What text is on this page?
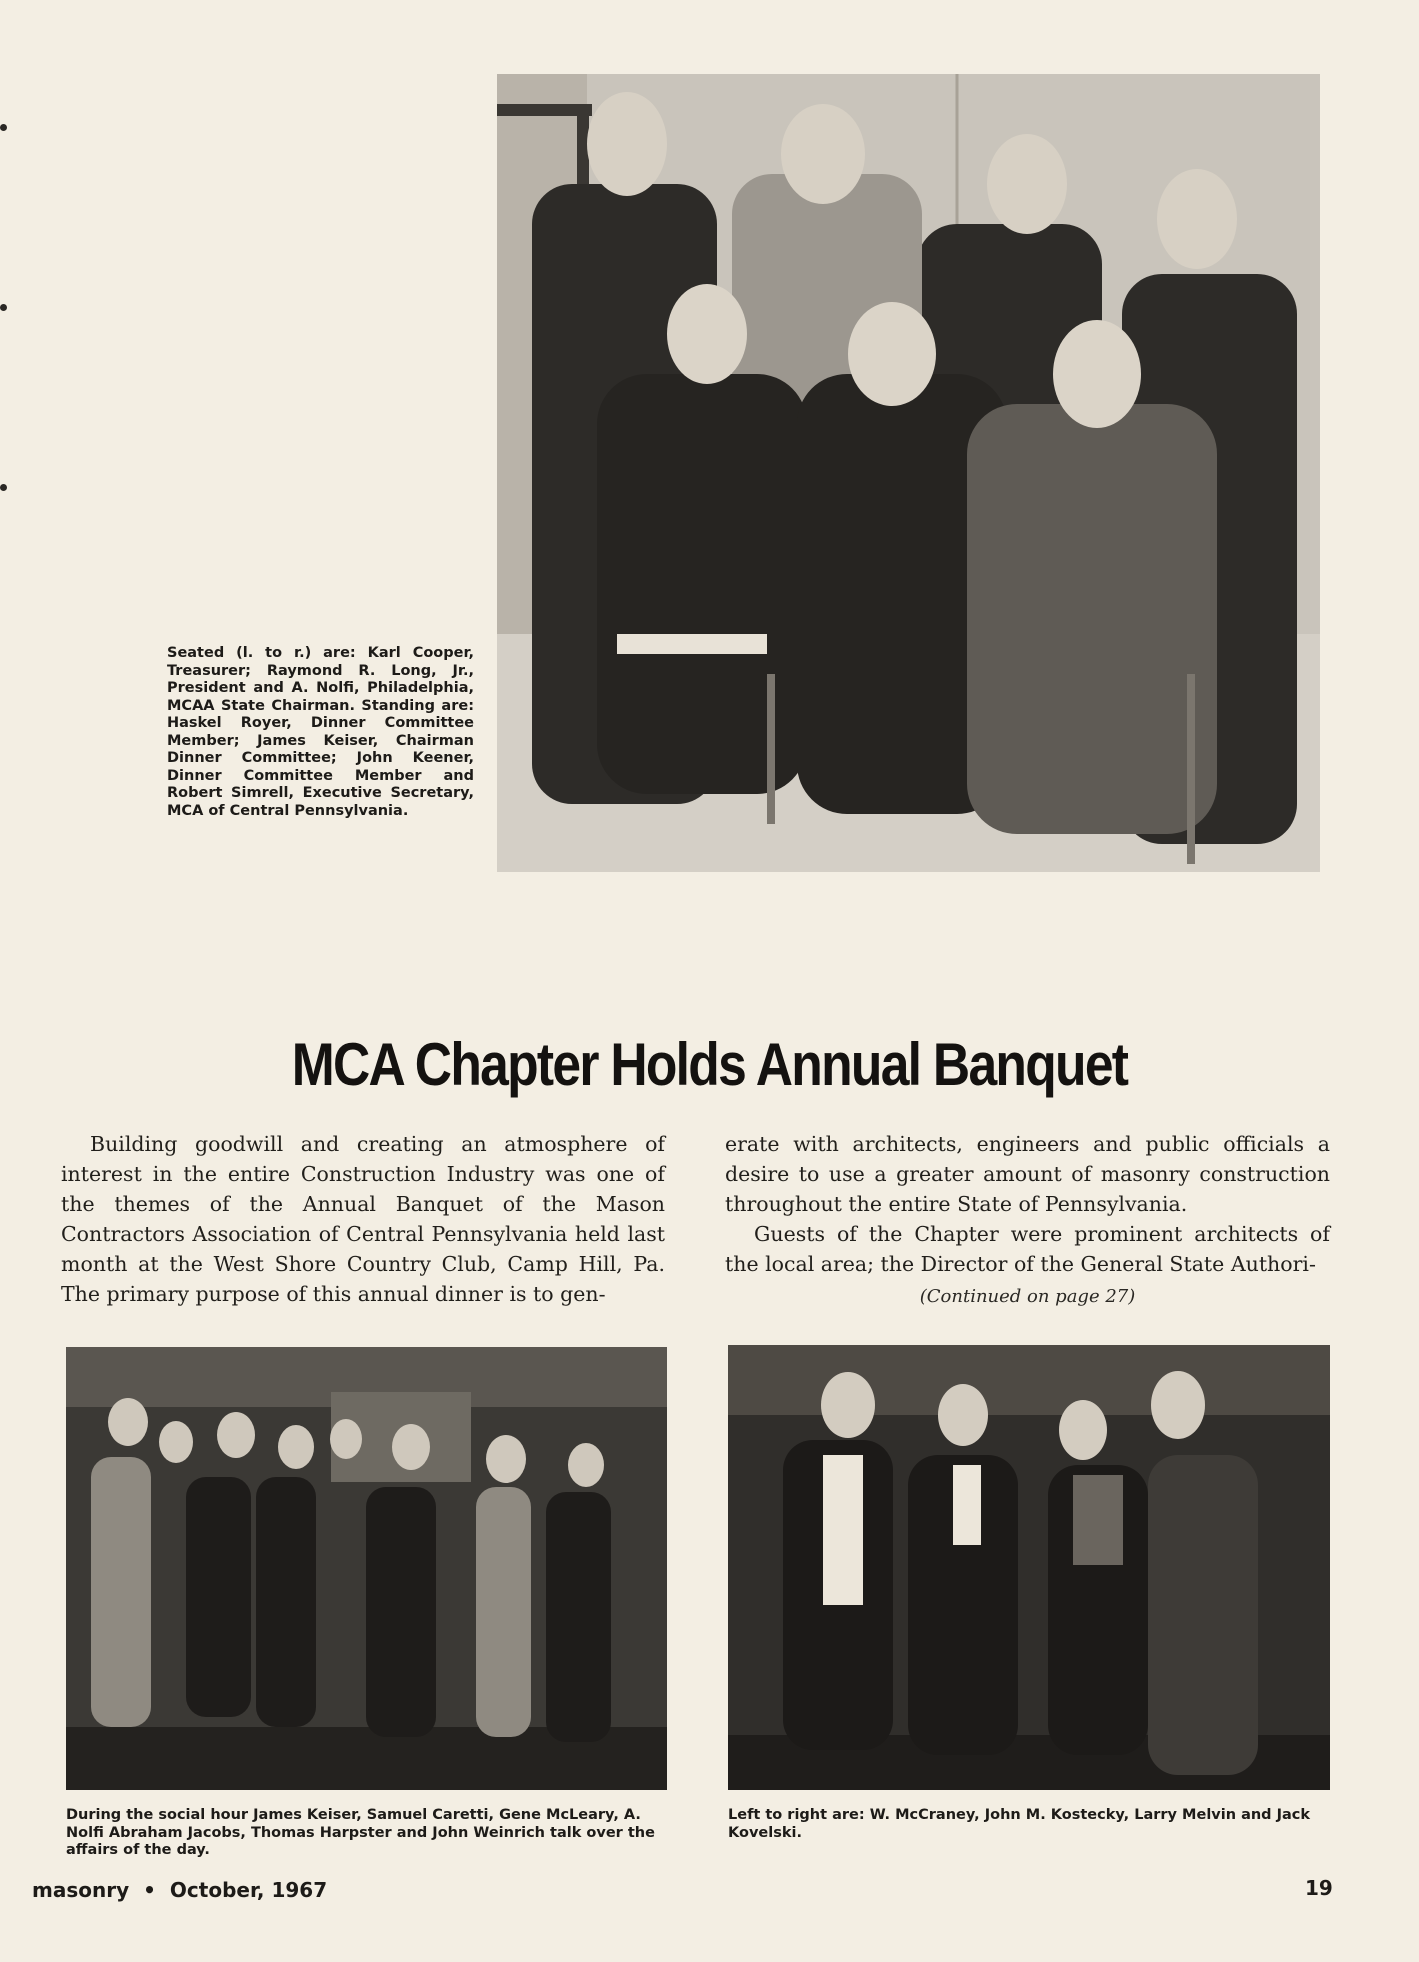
Seated (l. to r.) are: Karl Cooper, Treasurer; Raymond R. Long, Jr., President and A. Nolfi, Philadelphia, MCAA State Chairman. Standing are: Haskel Royer, Dinner Committee Member; James Keiser, Chairman Dinner Committee; John Keener, Dinner Committee Member and Robert Simrell, Executive Secretary, MCA of Central Pennsylvania.
MCA Chapter Holds Annual Banquet

Building goodwill and creating an atmosphere of interest in the entire Construction Industry was one of the themes of the Annual Banquet of the Mason Contractors Association of Central Pennsylvania held last month at the West Shore Country Club, Camp Hill, Pa. The primary purpose of this annual dinner is to gen-

erate with architects, engineers and public officials a desire to use a greater amount of masonry construction throughout the entire State of Pennsylvania.

Guests of the Chapter were prominent architects of the local area; the Director of the General State Authori-

(Continued on page 27)
During the social hour James Keiser, Samuel Caretti, Gene McLeary, A. Nolfi Abraham Jacobs, Thomas Harpster and John Weinrich talk over the affairs of the day.
Left to right are: W. McCraney, John M. Kostecky, Larry Melvin and Jack Kovelski.
masonry • October, 1967	19
